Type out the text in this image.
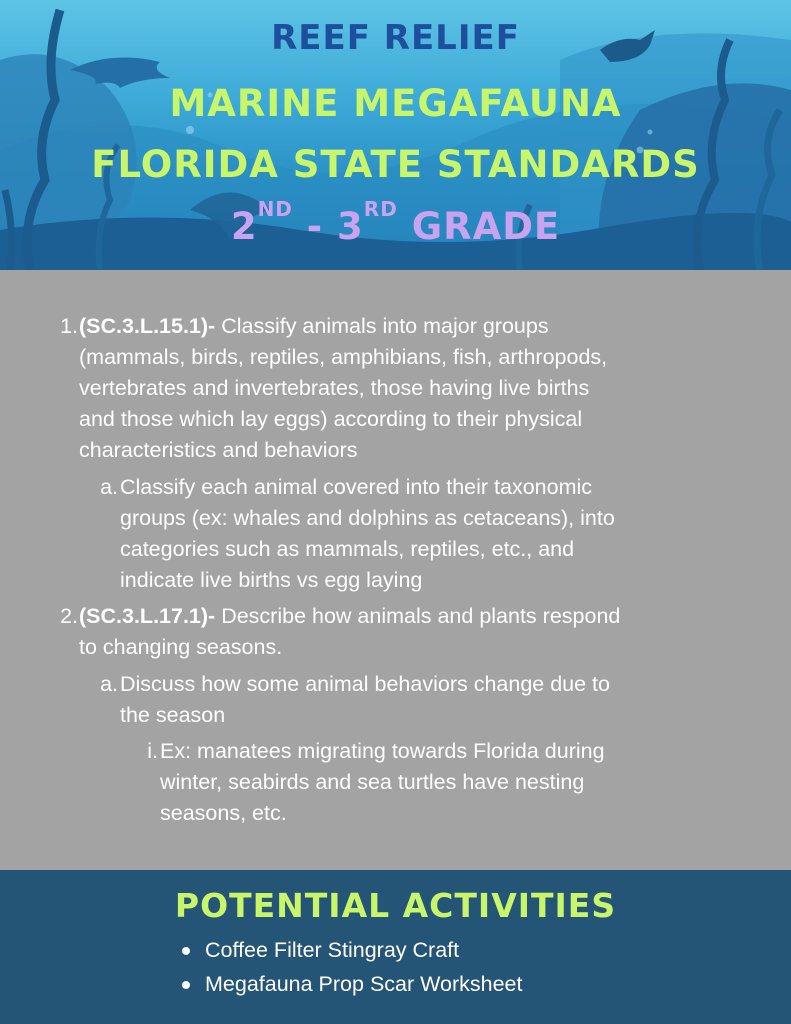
REEF RELIEF
MARINE MEGAFAUNA
FLORIDA STATE STANDARDS
2ND - 3RD GRADE
1. (SC.3.L.15.1)- Classify animals into major groups
(mammals, birds, reptiles, amphibians, fish, arthropods,
vertebrates and invertebrates, those having live births
and those which lay eggs) according to their physical
characteristics and behaviors
a. Classify each animal covered into their taxonomic
groups (ex: whales and dolphins as cetaceans), into
categories such as mammals, reptiles, etc., and
indicate live births vs egg laying
2. (SC.3.L.17.1)- Describe how animals and plants respond
to changing seasons.
a. Discuss how some animal behaviors change due to
the season
i. Ex: manatees migrating towards Florida during
winter, seabirds and sea turtles have nesting
seasons, etc.
POTENTIAL ACTIVITIES
Coffee Filter Stingray Craft
Megafauna Prop Scar Worksheet
